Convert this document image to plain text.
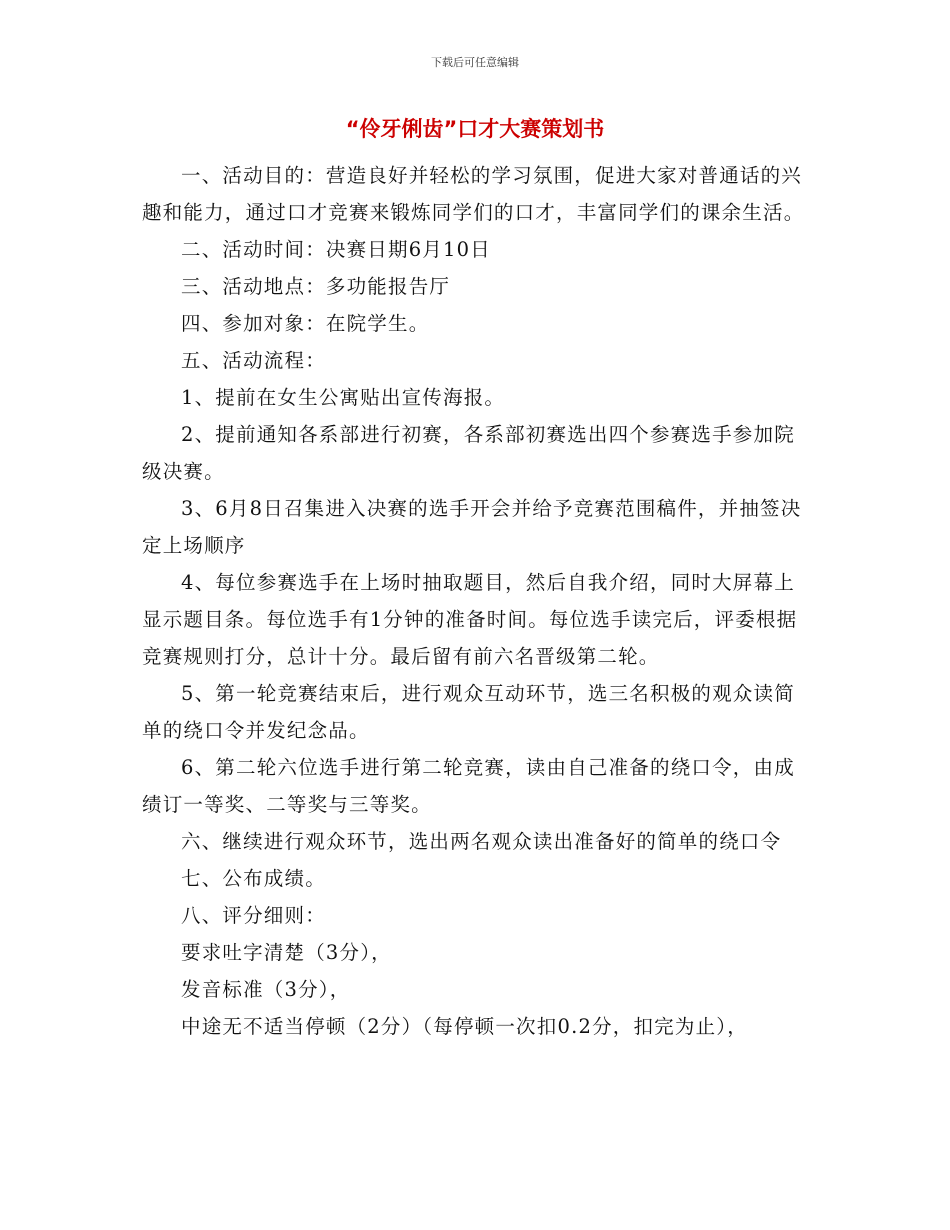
下载后可任意编辑
“伶牙俐齿”口才大赛策划书

一、活动目的：营造良好并轻松的学习氛围，促进大家对普通话的兴趣和能力，通过口才竞赛来锻炼同学们的口才，丰富同学们的课余生活。

二、活动时间：决赛日期6月10日

三、活动地点：多功能报告厅

四、参加对象：在院学生。

五、活动流程：

1、提前在女生公寓贴出宣传海报。

2、提前通知各系部进行初赛，各系部初赛选出四个参赛选手参加院级决赛。

3、6月8日召集进入决赛的选手开会并给予竞赛范围稿件，并抽签决定上场顺序

4、每位参赛选手在上场时抽取题目，然后自我介绍，同时大屏幕上显示题目条。每位选手有1分钟的准备时间。每位选手读完后，评委根据竞赛规则打分，总计十分。最后留有前六名晋级第二轮。

5、第一轮竞赛结束后，进行观众互动环节，选三名积极的观众读简单的绕口令并发纪念品。

6、第二轮六位选手进行第二轮竞赛，读由自己准备的绕口令，由成绩订一等奖、二等奖与三等奖。

六、继续进行观众环节，选出两名观众读出准备好的简单的绕口令

七、公布成绩。

八、评分细则：

要求吐字清楚（3分），

发音标准（3分），

中途无不适当停顿（2分）（每停顿一次扣0.2分，扣完为止），
